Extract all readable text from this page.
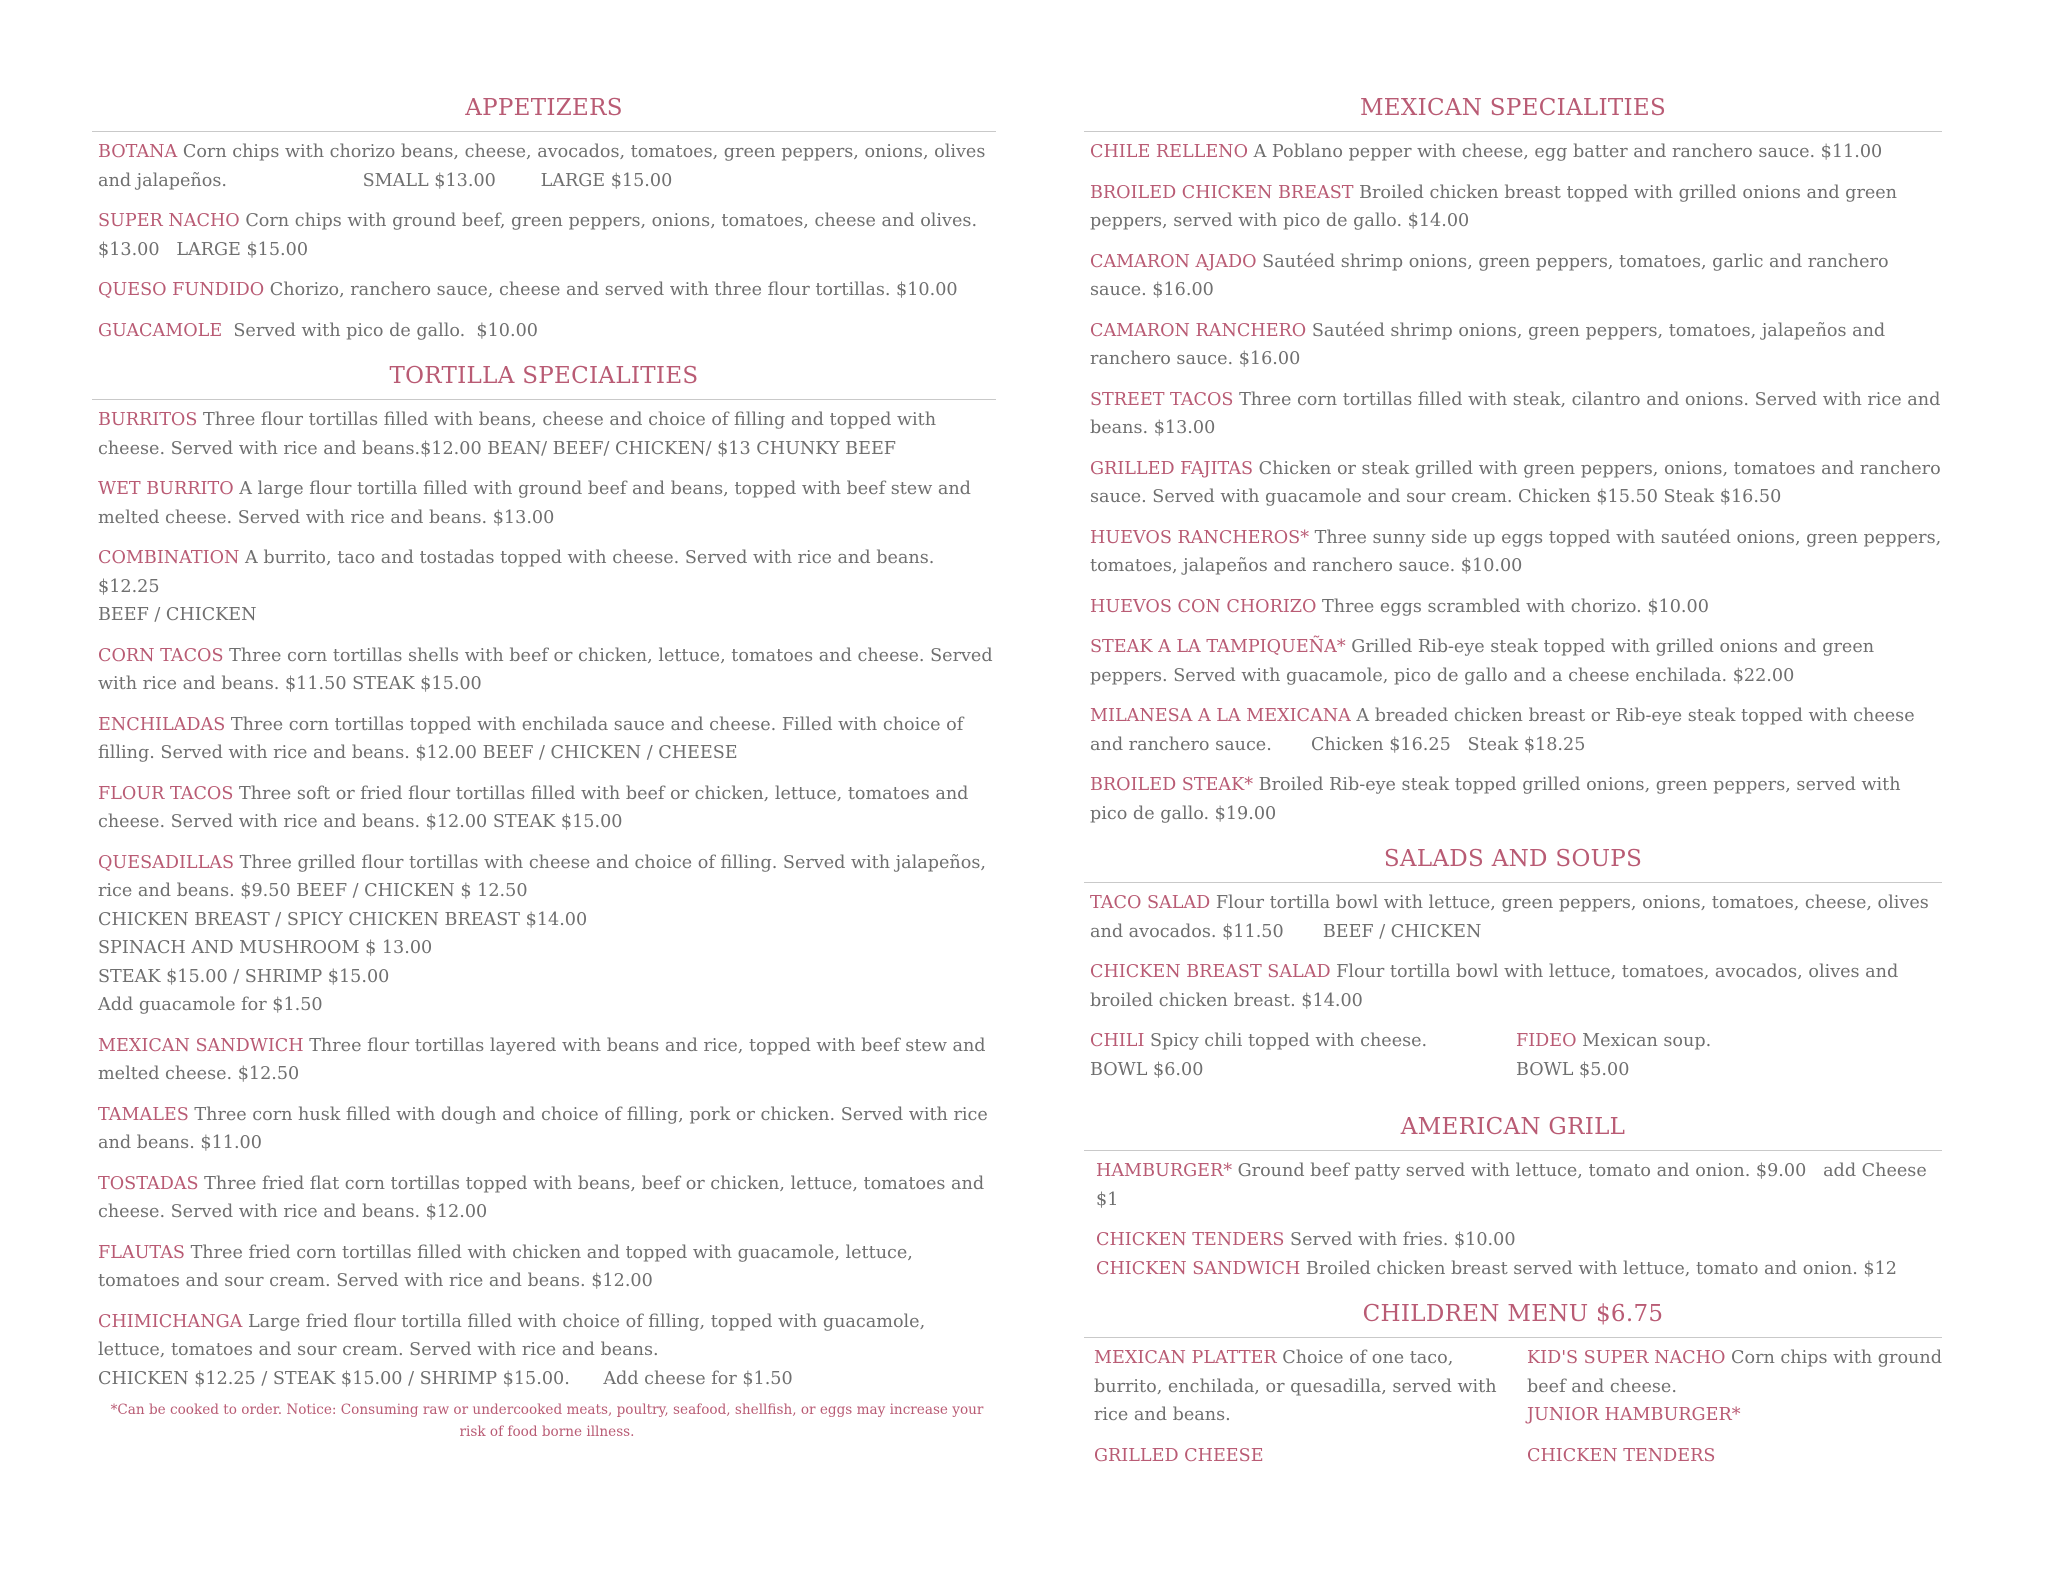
APPETIZERS
BOTANA Corn chips with chorizo beans, cheese, avocados, tomatoes, green peppers, onions, olives and jalapeños.	SMALL $13.00        LARGE $15.00
SUPER NACHO Corn chips with ground beef, green peppers, onions, tomatoes, cheese and olives.
$13.00   LARGE $15.00
QUESO FUNDIDO Chorizo, ranchero sauce, cheese and served with three flour tortillas. $10.00
GUACAMOLE  Served with pico de gallo.  $10.00
TORTILLA SPECIALITIES
BURRITOS Three flour tortillas filled with beans, cheese and choice of filling and topped with cheese. Served with rice and beans.$12.00 BEAN/ BEEF/ CHICKEN/ $13 CHUNKY BEEF
WET BURRITO A large flour tortilla filled with ground beef and beans, topped with beef stew and melted cheese. Served with rice and beans. $13.00
COMBINATION A burrito, taco and tostadas topped with cheese. Served with rice and beans. $12.25
BEEF / CHICKEN
CORN TACOS Three corn tortillas shells with beef or chicken, lettuce, tomatoes and cheese. Served with rice and beans. $11.50 STEAK $15.00
ENCHILADAS Three corn tortillas topped with enchilada sauce and cheese. Filled with choice of filling. Served with rice and beans. $12.00 BEEF / CHICKEN / CHEESE
FLOUR TACOS Three soft or fried flour tortillas filled with beef or chicken, lettuce, tomatoes and cheese. Served with rice and beans. $12.00 STEAK $15.00
QUESADILLAS Three grilled flour tortillas with cheese and choice of filling. Served with jalapeños, rice and beans. $9.50 BEEF / CHICKEN $ 12.50
CHICKEN BREAST / SPICY CHICKEN BREAST $14.00
SPINACH AND MUSHROOM $ 13.00
STEAK $15.00 / SHRIMP $15.00
Add guacamole for $1.50
MEXICAN SANDWICH Three flour tortillas layered with beans and rice, topped with beef stew and melted cheese. $12.50
TAMALES Three corn husk filled with dough and choice of filling, pork or chicken. Served with rice and beans. $11.00
TOSTADAS Three fried flat corn tortillas topped with beans, beef or chicken, lettuce, tomatoes and cheese. Served with rice and beans. $12.00
FLAUTAS Three fried corn tortillas filled with chicken and topped with guacamole, lettuce, tomatoes and sour cream. Served with rice and beans. $12.00
CHIMICHANGA Large fried flour tortilla filled with choice of filling, topped with guacamole, lettuce, tomatoes and sour cream. Served with rice and beans.
CHICKEN $12.25 / STEAK $15.00 / SHRIMP $15.00.      Add cheese for $1.50
*Can be cooked to order. Notice: Consuming raw or undercooked meats, poultry, seafood, shellfish, or eggs may increase your risk of food borne illness.
MEXICAN SPECIALITIES
CHILE RELLENO A Poblano pepper with cheese, egg batter and ranchero sauce. $11.00
BROILED CHICKEN BREAST Broiled chicken breast topped with grilled onions and green peppers, served with pico de gallo. $14.00
CAMARON AJADO Sautéed shrimp onions, green peppers, tomatoes, garlic and ranchero sauce. $16.00
CAMARON RANCHERO Sautéed shrimp onions, green peppers, tomatoes, jalapeños and ranchero sauce. $16.00
STREET TACOS Three corn tortillas filled with steak, cilantro and onions. Served with rice and beans. $13.00
GRILLED FAJITAS Chicken or steak grilled with green peppers, onions, tomatoes and ranchero sauce. Served with guacamole and sour cream. Chicken $15.50 Steak $16.50
HUEVOS RANCHEROS* Three sunny side up eggs topped with sautéed onions, green peppers, tomatoes, jalapeños and ranchero sauce. $10.00
HUEVOS CON CHORIZO Three eggs scrambled with chorizo. $10.00
STEAK A LA TAMPIQUEÑA* Grilled Rib-eye steak topped with grilled onions and green peppers. Served with guacamole, pico de gallo and a cheese enchilada. $22.00
MILANESA A LA MEXICANA A breaded chicken breast or Rib-eye steak topped with cheese and ranchero sauce.       Chicken $16.25   Steak $18.25
BROILED STEAK* Broiled Rib-eye steak topped grilled onions, green peppers, served with pico de gallo. $19.00
SALADS AND SOUPS
TACO SALAD Flour tortilla bowl with lettuce, green peppers, onions, tomatoes, cheese, olives and avocados. $11.50       BEEF / CHICKEN
CHICKEN BREAST SALAD Flour tortilla bowl with lettuce, tomatoes, avocados, olives and broiled chicken breast. $14.00
CHILI Spicy chili topped with cheese.
BOWL $6.00
FIDEO Mexican soup.
BOWL $5.00
AMERICAN GRILL
HAMBURGER* Ground beef patty served with lettuce, tomato and onion. $9.00   add Cheese $1
CHICKEN TENDERS Served with fries. $10.00
CHICKEN SANDWICH Broiled chicken breast served with lettuce, tomato and onion. $12
CHILDREN MENU $6.75
MEXICAN PLATTER Choice of one taco, burrito, enchilada, or quesadilla, served with rice and beans.
GRILLED CHEESE
KID'S SUPER NACHO Corn chips with ground beef and cheese.
JUNIOR HAMBURGER*
CHICKEN TENDERS
